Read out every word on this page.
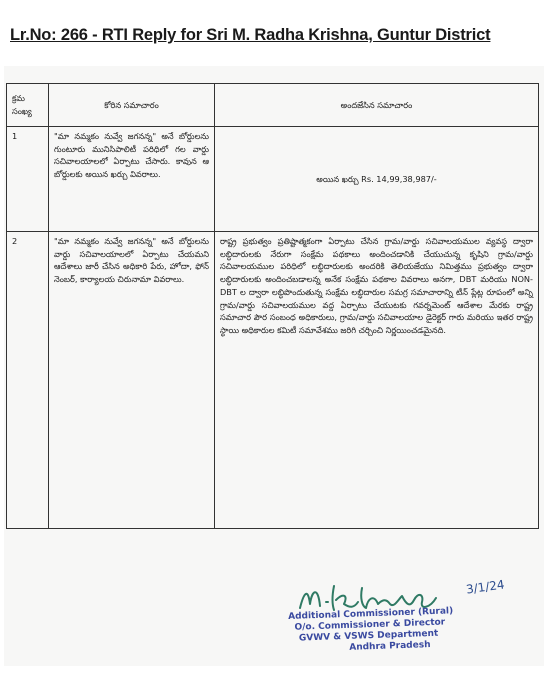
Lr.No: 266 - RTI Reply for Sri M. Radha Krishna, Guntur District
క్రమ సంఖ్య	కోరిన సమాచారం	అందజేసిన సమాచారం
1	"మా నమ్మకం నువ్వే జగనన్న" అనే బోర్డులను గుంటూరు మునిసిపాలిటీ పరిధిలో గల వార్డు సచివాలయాలలో ఏర్పాటు చేసారు. కావున ఆ బోర్డులకు అయిన ఖర్చు వివరాలు.	అయిన ఖర్చు Rs. 14,99,38,987/-
2	"మా నమ్మకం నువ్వే జగనన్న" అనే బోర్డులను వార్డు సచివాలయాలలో ఏర్పాటు చేయమని ఆదేశాలు జారీ చేసిన అధికారి పేరు, హోదా, ఫోన్ నెంబర్, కార్యాలయ చిరునామా వివరాలు.	రాష్ట్ర ప్రభుత్వం ప్రతిష్టాత్మకంగా ఏర్పాటు చేసిన గ్రామ/వార్డు సచివాలయముల వ్యవస్థ ద్వారా లబ్ధిదారులకు నేరుగా సంక్షేమ పథకాలు అందించడానికి చేయుచున్న కృషిని గ్రామ/వార్డు సచివాలయముల పరిధిలో లబ్ధిదారులకు అందరికి తెలియజేయు నిమిత్తము ప్రభుత్వం ద్వారా లబ్ధిదారులకు అందించబడాలన్న అనేక సంక్షేమ పథకాల వివరాలు అనగా, DBT మరియు NON-DBT ల ద్వారా లబ్ధిపొందుతున్న సంక్షేమ లబ్ధిదారుల సమగ్ర సమాచారాన్ని టీన్ ప్లేట్ల రూపంలో అన్ని గ్రామ/వార్డు సచివాలయముల వద్ద ఏర్పాటు చేయుటకు గవర్నమెంట్ ఆదేశాల మేరకు రాష్ట్ర సమాచార పౌర సంబంధ అధికారులు, గ్రామ/వార్డు సచివాలయాల డైరెక్టర్ గారు మరియు ఇతర రాష్ట్ర స్థాయి అధికారుల కమిటీ సమావేశము జరిగి చర్చించి నిర్ణయించడమైనది.
3/1/24
Additional Commissioner (Rural)
O/o. Commissioner & Director
GVWV & VSWS Department
Andhra Pradesh
